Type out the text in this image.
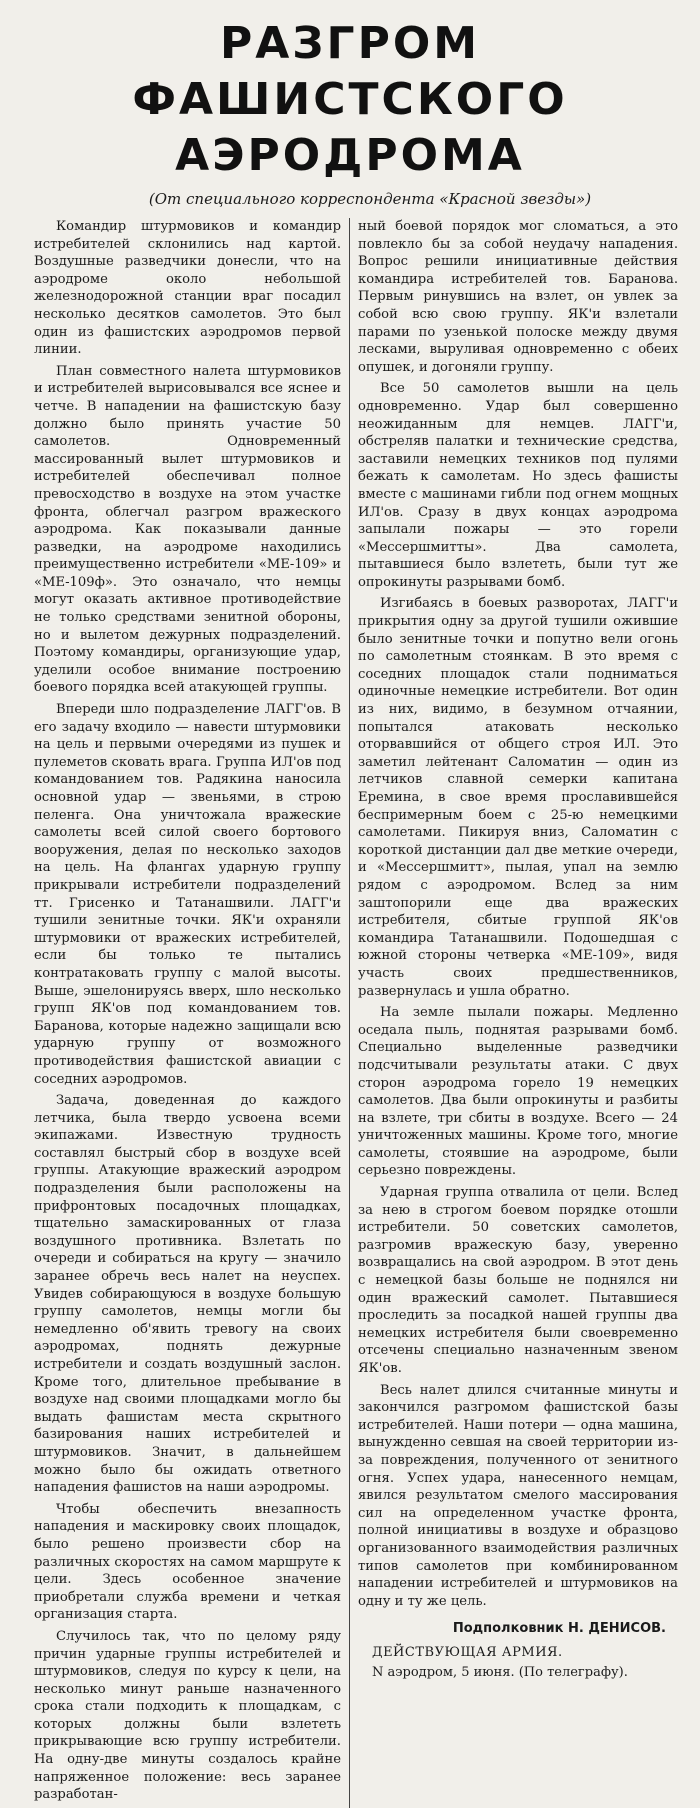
РАЗГРОМ ФАШИСТСКОГО АЭРОДРОМА
(От специального корреспондента «Красной звезды»)

Командир штурмовиков и командир истребителей склонились над картой. Воздушные разведчики донесли, что на аэродроме около небольшой железнодорожной станции враг посадил несколько десятков самолетов. Это был один из фашистских аэродромов первой линии.

План совместного налета штурмовиков и истребителей вырисовывался все яснее и четче. В нападении на фашистскую базу должно было принять участие 50 самолетов. Одновременный массированный вылет штурмовиков и истребителей обеспечивал полное превосходство в воздухе на этом участке фронта, облегчал разгром вражеского аэродрома. Как показывали данные разведки, на аэродроме находились преимущественно истребители «МЕ-109» и «МЕ-109ф». Это означало, что немцы могут оказать активное противодействие не только средствами зенитной обороны, но и вылетом дежурных подразделений. Поэтому командиры, организующие удар, уделили особое внимание построению боевого порядка всей атакующей группы.

Впереди шло подразделение ЛАГГ'ов. В его задачу входило — навести штурмовики на цель и первыми очередями из пушек и пулеметов сковать врага. Группа ИЛ'ов под командованием тов. Радякина наносила основной удар — звеньями, в строю пеленга. Она уничтожала вражеские самолеты всей силой своего бортового вооружения, делая по несколько заходов на цель. На флангах ударную группу прикрывали истребители подразделений тт. Грисенко и Татанашвили. ЛАГГ'и тушили зенитные точки. ЯК'и охраняли штурмовики от вражеских истребителей, если бы только те пытались контратаковать группу с малой высоты. Выше, эшелонируясь вверх, шло несколько групп ЯК'ов под командованием тов. Баранова, которые надежно защищали всю ударную группу от возможного противодействия фашистской авиации с соседних аэродромов.

Задача, доведенная до каждого летчика, была твердо усвоена всеми экипажами. Известную трудность составлял быстрый сбор в воздухе всей группы. Атакующие вражеский аэродром подразделения были расположены на прифронтовых посадочных площадках, тщательно замаскированных от глаза воздушного противника. Взлетать по очереди и собираться на кругу — значило заранее обречь весь налет на неуспех. Увидев собирающуюся в воздухе большую группу самолетов, немцы могли бы немедленно об'явить тревогу на своих аэродромах, поднять дежурные истребители и создать воздушный заслон. Кроме того, длительное пребывание в воздухе над своими площадками могло бы выдать фашистам места скрытного базирования наших истребителей и штурмовиков. Значит, в дальнейшем можно было бы ожидать ответного нападения фашистов на наши аэродромы.

Чтобы обеспечить внезапность нападения и маскировку своих площадок, было решено произвести сбор на различных скоростях на самом маршруте к цели. Здесь особенное значение приобретали служба времени и четкая организация старта.

Случилось так, что по целому ряду причин ударные группы истребителей и штурмовиков, следуя по курсу к цели, на несколько минут раньше назначенного срока стали подходить к площадкам, с которых должны были взлететь прикрывающие всю группу истребители. На одну-две минуты создалось крайне напряженное положение: весь заранее разработан-

ный боевой порядок мог сломаться, а это повлекло бы за собой неудачу нападения. Вопрос решили инициативные действия командира истребителей тов. Баранова. Первым ринувшись на взлет, он увлек за собой всю свою группу. ЯК'и взлетали парами по узенькой полоске между двумя лесками, выруливая одновременно с обеих опушек, и догоняли группу.

Все 50 самолетов вышли на цель одновременно. Удар был совершенно неожиданным для немцев. ЛАГГ'и, обстреляв палатки и технические средства, заставили немецких техников под пулями бежать к самолетам. Но здесь фашисты вместе с машинами гибли под огнем мощных ИЛ'ов. Сразу в двух концах аэродрома запылали пожары — это горели «Мессершмитты». Два самолета, пытавшиеся было взлететь, были тут же опрокинуты разрывами бомб.

Изгибаясь в боевых разворотах, ЛАГГ'и прикрытия одну за другой тушили ожившие было зенитные точки и попутно вели огонь по самолетным стоянкам. В это время с соседних площадок стали подниматься одиночные немецкие истребители. Вот один из них, видимо, в безумном отчаянии, попытался атаковать несколько оторвавшийся от общего строя ИЛ. Это заметил лейтенант Саломатин — один из летчиков славной семерки капитана Еремина, в свое время прославившейся беспримерным боем с 25-ю немецкими самолетами. Пикируя вниз, Саломатин с короткой дистанции дал две меткие очереди, и «Мессершмитт», пылая, упал на землю рядом с аэродромом. Вслед за ним заштопорили еще два вражеских истребителя, сбитые группой ЯК'ов командира Татанашвили. Подошедшая с южной стороны четверка «МЕ-109», видя участь своих предшественников, развернулась и ушла обратно.

На земле пылали пожары. Медленно оседала пыль, поднятая разрывами бомб. Специально выделенные разведчики подсчитывали результаты атаки. С двух сторон аэродрома горело 19 немецких самолетов. Два были опрокинуты и разбиты на взлете, три сбиты в воздухе. Всего — 24 уничтоженных машины. Кроме того, многие самолеты, стоявшие на аэродроме, были серьезно повреждены.

Ударная группа отвалила от цели. Вслед за нею в строгом боевом порядке отошли истребители. 50 советских самолетов, разгромив вражескую базу, уверенно возвращались на свой аэродром. В этот день с немецкой базы больше не поднялся ни один вражеский самолет. Пытавшиеся проследить за посадкой нашей группы два немецких истребителя были своевременно отсечены специально назначенным звеном ЯК'ов.

Весь налет длился считанные минуты и закончился разгромом фашистской базы истребителей. Наши потери — одна машина, вынужденно севшая на своей территории из-за повреждения, полученного от зенитного огня. Успех удара, нанесенного немцам, явился результатом смелого массирования сил на определенном участке фронта, полной инициативы в воздухе и образцово организованного взаимодействия различных типов самолетов при комбинированном нападении истребителей и штурмовиков на одну и ту же цель.

Подполковник Н. ДЕНИСОВ.
ДЕЙСТВУЮЩАЯ АРМИЯ.
N аэродром, 5 июня. (По телеграфу).
